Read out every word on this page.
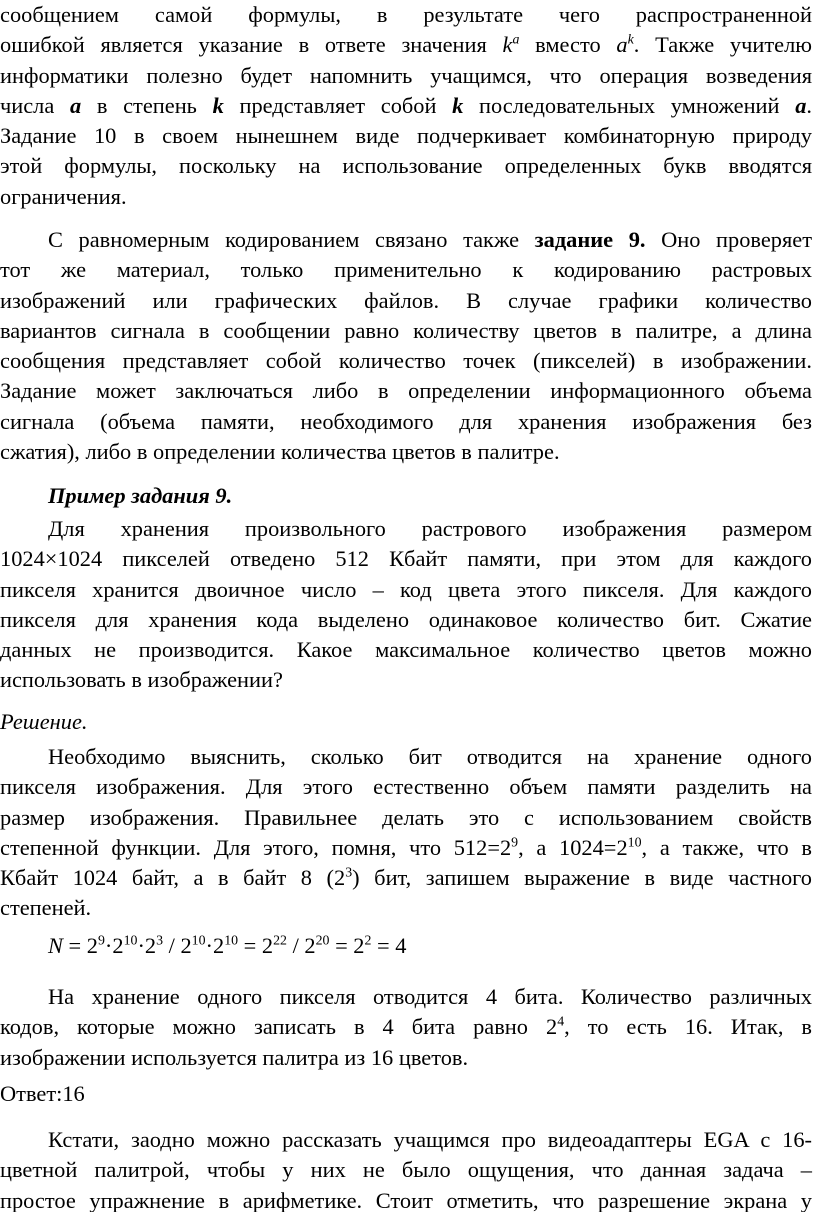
сообщением самой формулы, в результате чего распространенной
ошибкой является указание в ответе значения $k^a$ вместо $a^k$. Также учителю
информатики полезно будет напомнить учащимся, что операция возведения
числа a в степень k представляет собой k последовательных умножений a.
Задание 10 в своем нынешнем виде подчеркивает комбинаторную природу
этой формулы, поскольку на использование определенных букв вводятся
ограничения.
С равномерным кодированием связано также задание 9. Оно проверяет
тот же материал, только применительно к кодированию растровых
изображений или графических файлов. В случае графики количество
вариантов сигнала в сообщении равно количеству цветов в палитре, а длина
сообщения представляет собой количество точек (пикселей) в изображении.
Задание может заключаться либо в определении информационного объема
сигнала (объема памяти, необходимого для хранения изображения без
сжатия), либо в определении количества цветов в палитре.
Пример задания 9.
Для хранения произвольного растрового изображения размером
1024×1024 пикселей отведено 512 Кбайт памяти, при этом для каждого
пикселя хранится двоичное число – код цвета этого пикселя. Для каждого
пикселя для хранения кода выделено одинаковое количество бит. Сжатие
данных не производится. Какое максимальное количество цветов можно
использовать в изображении?
Решение.
Необходимо выяснить, сколько бит отводится на хранение одного
пикселя изображения. Для этого естественно объем памяти разделить на
размер изображения. Правильнее делать это с использованием свойств
степенной функции. Для этого, помня, что $512=2^9$, а $1024=2^{10}$, а также, что в
Кбайт 1024 байт, а в байт 8 $(2^3)$ бит, запишем выражение в виде частного
степеней.
$N = 2^9\cdot 2^{10}\cdot 2^3 / 2^{10}\cdot 2^{10} = 2^{22} / 2^{20} = 2^2 = 4$
На хранение одного пикселя отводится 4 бита. Количество различных
кодов, которые можно записать в 4 бита равно $2^4$, то есть 16. Итак, в
изображении используется палитра из 16 цветов.
Ответ:16
Кстати, заодно можно рассказать учащимся про видеоадаптеры EGA с 16-
цветной палитрой, чтобы у них не было ощущения, что данная задача –
простое упражнение в арифметике. Стоит отметить, что разрешение экрана у
